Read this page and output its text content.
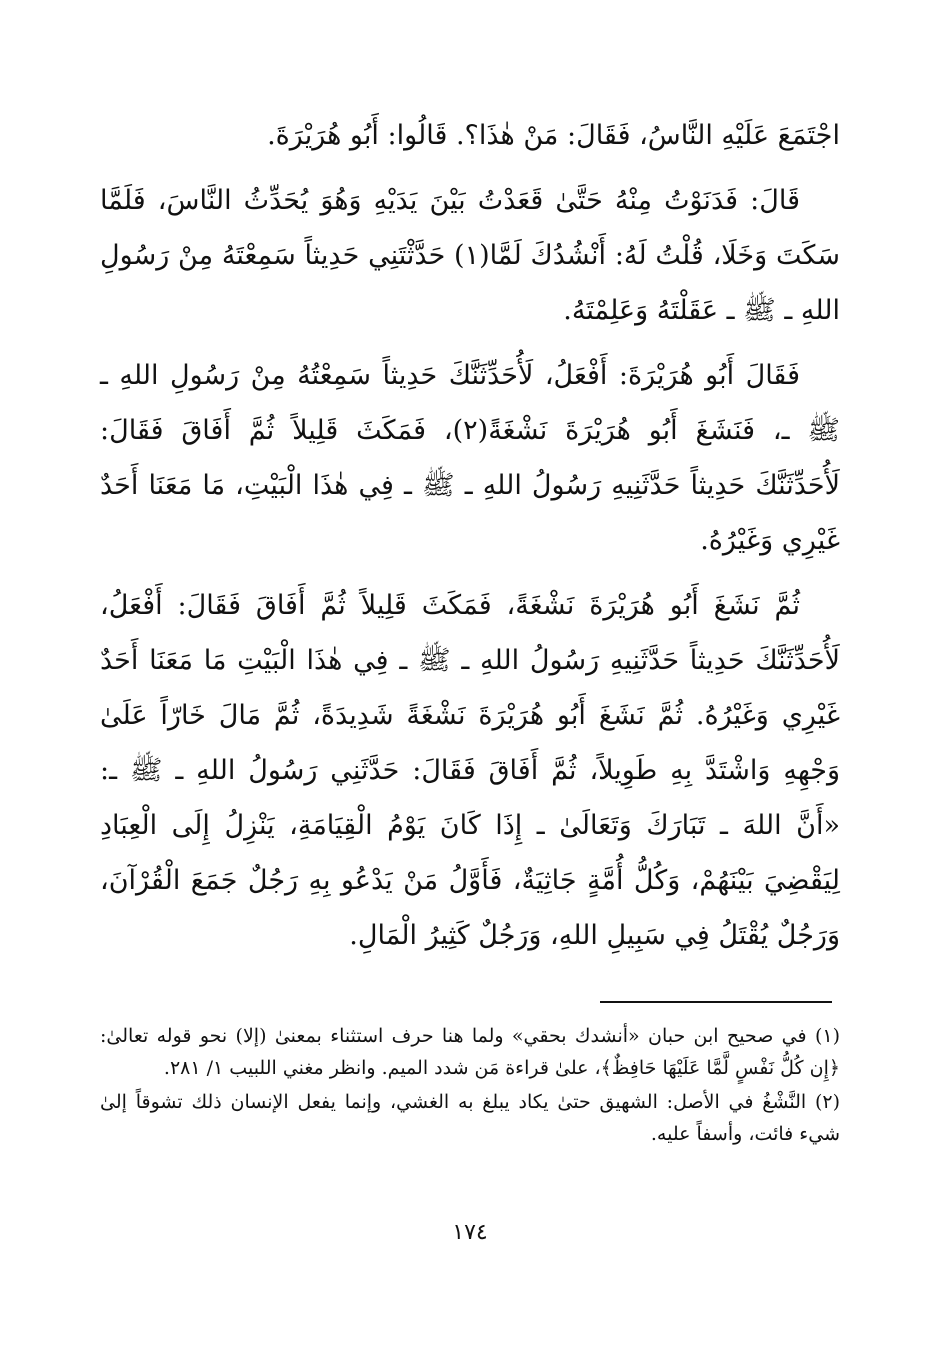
اجْتَمَعَ عَلَيْهِ النَّاسُ، فَقَالَ: مَنْ هٰذَا؟. قَالُوا: أَبُو هُرَيْرَةَ.

قَالَ: فَدَنَوْتُ مِنْهُ حَتَّىٰ قَعَدْتُ بَيْنَ يَدَيْهِ وَهُوَ يُحَدِّثُ النَّاسَ، فَلَمَّا سَكَتَ وَخَلَا، قُلْتُ لَهُ: أَنْشُدُكَ لَمَّا(١) حَدَّثْتَنِي حَدِيثاً سَمِعْتَهُ مِنْ رَسُولِ اللهِ ـ ﷺ ـ عَقَلْتَهُ وَعَلِمْتَهُ.

فَقَالَ أَبُو هُرَيْرَةَ: أَفْعَلُ، لَأُحَدِّثَنَّكَ حَدِيثاً سَمِعْتُهُ مِنْ رَسُولِ اللهِ ـ ﷺ ـ، فَنَشَغَ أَبُو هُرَيْرَةَ نَشْغَةً(٢)، فَمَكَثَ قَلِيلاً ثُمَّ أَفَاقَ فَقَالَ: لَأُحَدِّثَنَّكَ حَدِيثاً حَدَّثَنِيهِ رَسُولُ اللهِ ـ ﷺ ـ فِي هٰذَا الْبَيْتِ، مَا مَعَنَا أَحَدٌ غَيْرِي وَغَيْرُهُ.

ثُمَّ نَشَغَ أَبُو هُرَيْرَةَ نَشْغَةً، فَمَكَثَ قَلِيلاً ثُمَّ أَفَاقَ فَقَالَ: أَفْعَلُ، لَأُحَدِّثَنَّكَ حَدِيثاً حَدَّثَنِيهِ رَسُولُ اللهِ ـ ﷺ ـ فِي هٰذَا الْبَيْتِ مَا مَعَنَا أَحَدٌ غَيْرِي وَغَيْرُهُ. ثُمَّ نَشَغَ أَبُو هُرَيْرَةَ نَشْغَةً شَدِيدَةً، ثُمَّ مَالَ خَارّاً عَلَىٰ وَجْهِهِ وَاشْتَدَّ بِهِ طَوِيلاً، ثُمَّ أَفَاقَ فَقَالَ: حَدَّثَنِي رَسُولُ اللهِ ـ ﷺ ـ: «أَنَّ اللهَ ـ تَبَارَكَ وَتَعَالَىٰ ـ إِذَا كَانَ يَوْمُ الْقِيَامَةِ، يَنْزِلُ إِلَى الْعِبَادِ لِيَقْضِيَ بَيْنَهُمْ، وَكُلُّ أُمَّةٍ جَاثِيَةٌ، فَأَوَّلُ مَنْ يَدْعُو بِهِ رَجُلٌ جَمَعَ الْقُرْآنَ، وَرَجُلٌ يُقْتَلُ فِي سَبِيلِ اللهِ، وَرَجُلٌ كَثِيرُ الْمَالِ.

(١) في صحيح ابن حبان «أنشدك بحقي» ولما هنا حرف استثناء بمعنىٰ (إلا) نحو قوله تعالىٰ: ﴿إِن كُلُّ نَفْسٍ لَّمَّا عَلَيْهَا حَافِظٌ﴾، علىٰ قراءة مَن شدد الميم. وانظر مغني اللبيب ١/ ٢٨١.

(٢) النَّشْغُ في الأصل: الشهيق حتىٰ يكاد يبلغ به الغشي، وإنما يفعل الإنسان ذلك تشوقاً إلىٰ شيء فائت، وأسفاً عليه.

١٧٤
